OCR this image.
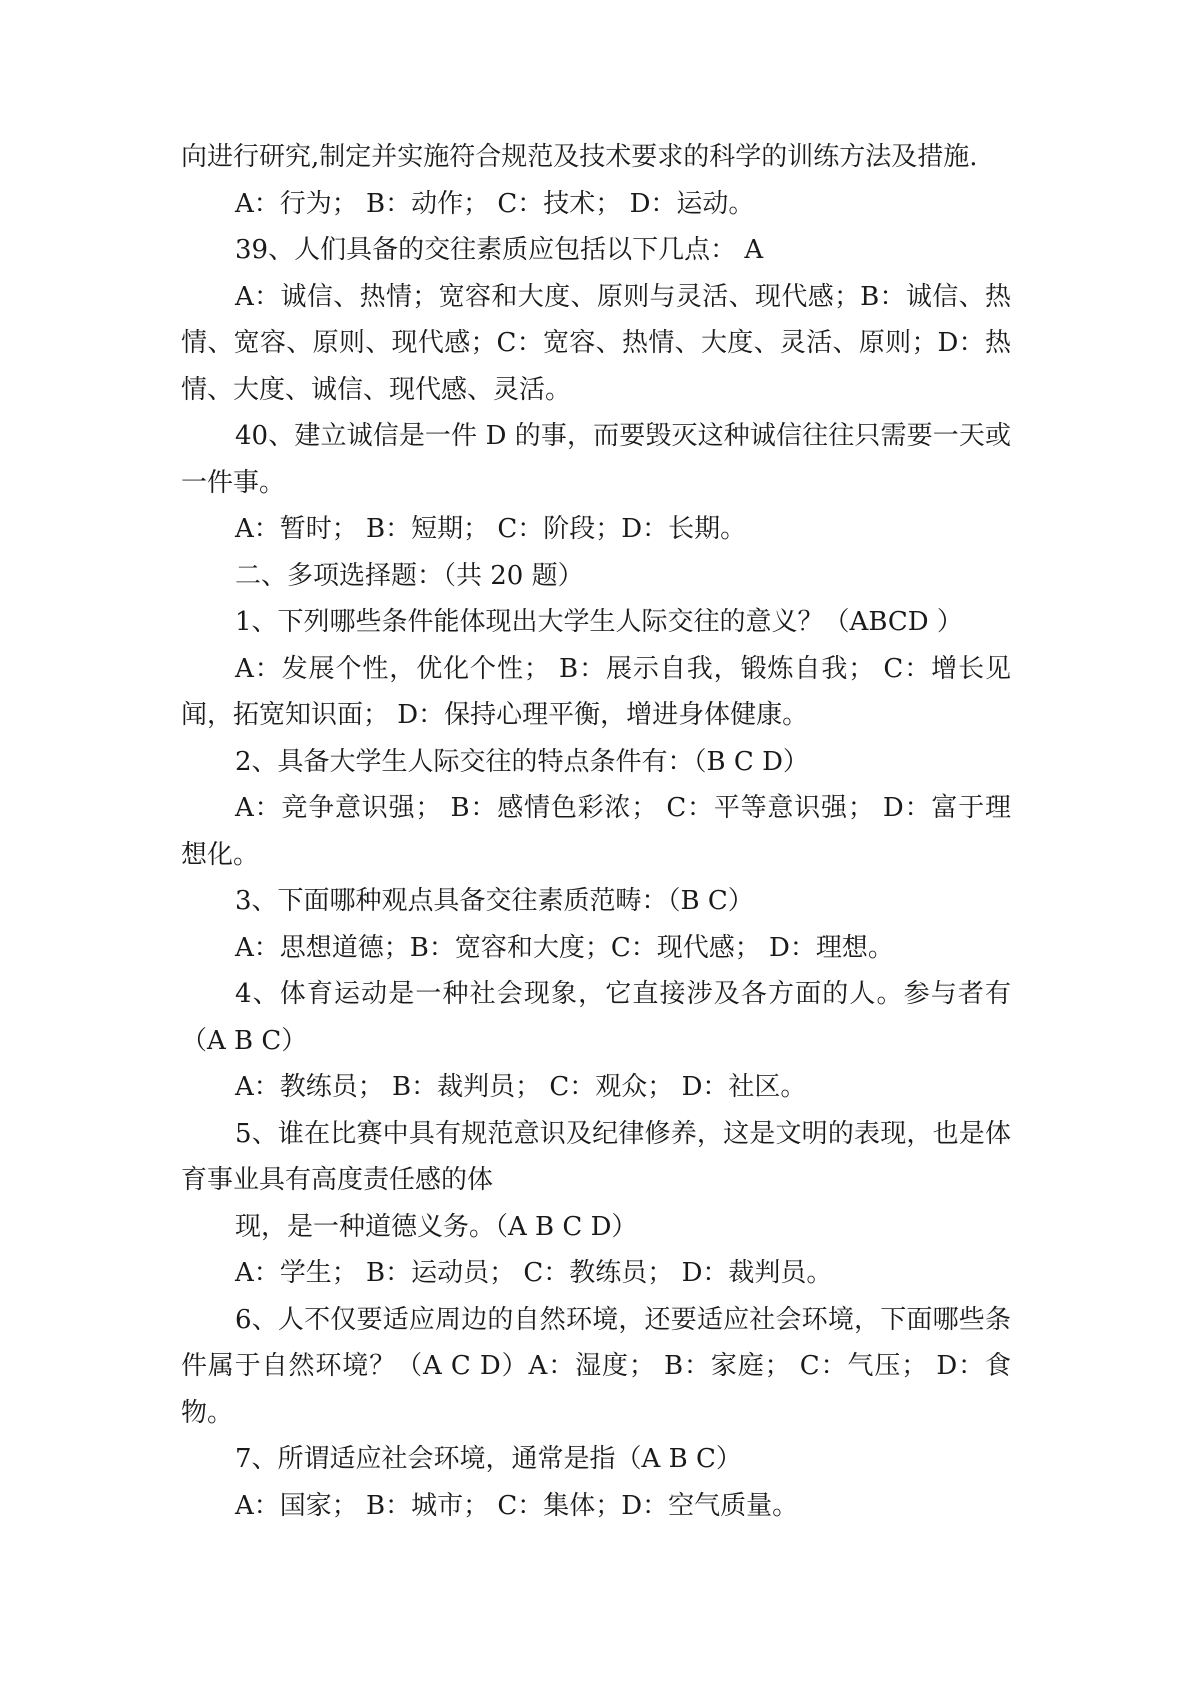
向进行研究,制定并实施符合规范及技术要求的科学的训练方法及措施.

A：行为； B：动作； C：技术； D：运动。

39、人们具备的交往素质应包括以下几点： A

A：诚信、热情；宽容和大度、原则与灵活、现代感；B：诚信、热情、宽容、原则、现代感；C：宽容、热情、大度、灵活、原则；D：热情、大度、诚信、现代感、灵活。

40、建立诚信是一件 D 的事，而要毁灭这种诚信往往只需要一天或一件事。

A：暂时； B：短期； C：阶段；D：长期。

二、多项选择题：（共 20 题）

1、下列哪些条件能体现出大学生人际交往的意义？（ABCD ）

A：发展个性，优化个性； B：展示自我，锻炼自我； C：增长见闻，拓宽知识面； D：保持心理平衡，增进身体健康。

2、具备大学生人际交往的特点条件有：（B C D）

A：竞争意识强； B：感情色彩浓； C：平等意识强； D：富于理想化。

3、下面哪种观点具备交往素质范畴：（B C）

A：思想道德；B：宽容和大度；C：现代感； D：理想。

4、体育运动是一种社会现象，它直接涉及各方面的人。参与者有（A B C）

A：教练员； B：裁判员； C：观众； D：社区。

5、谁在比赛中具有规范意识及纪律修养，这是文明的表现，也是体育事业具有高度责任感的体

现，是一种道德义务。（A B C D）

A：学生； B：运动员； C：教练员； D：裁判员。

6、人不仅要适应周边的自然环境，还要适应社会环境，下面哪些条件属于自然环境？（A C D）A：湿度； B：家庭； C：气压； D：食物。

7、所谓适应社会环境，通常是指（A B C）

A：国家； B：城市； C：集体；D：空气质量。
